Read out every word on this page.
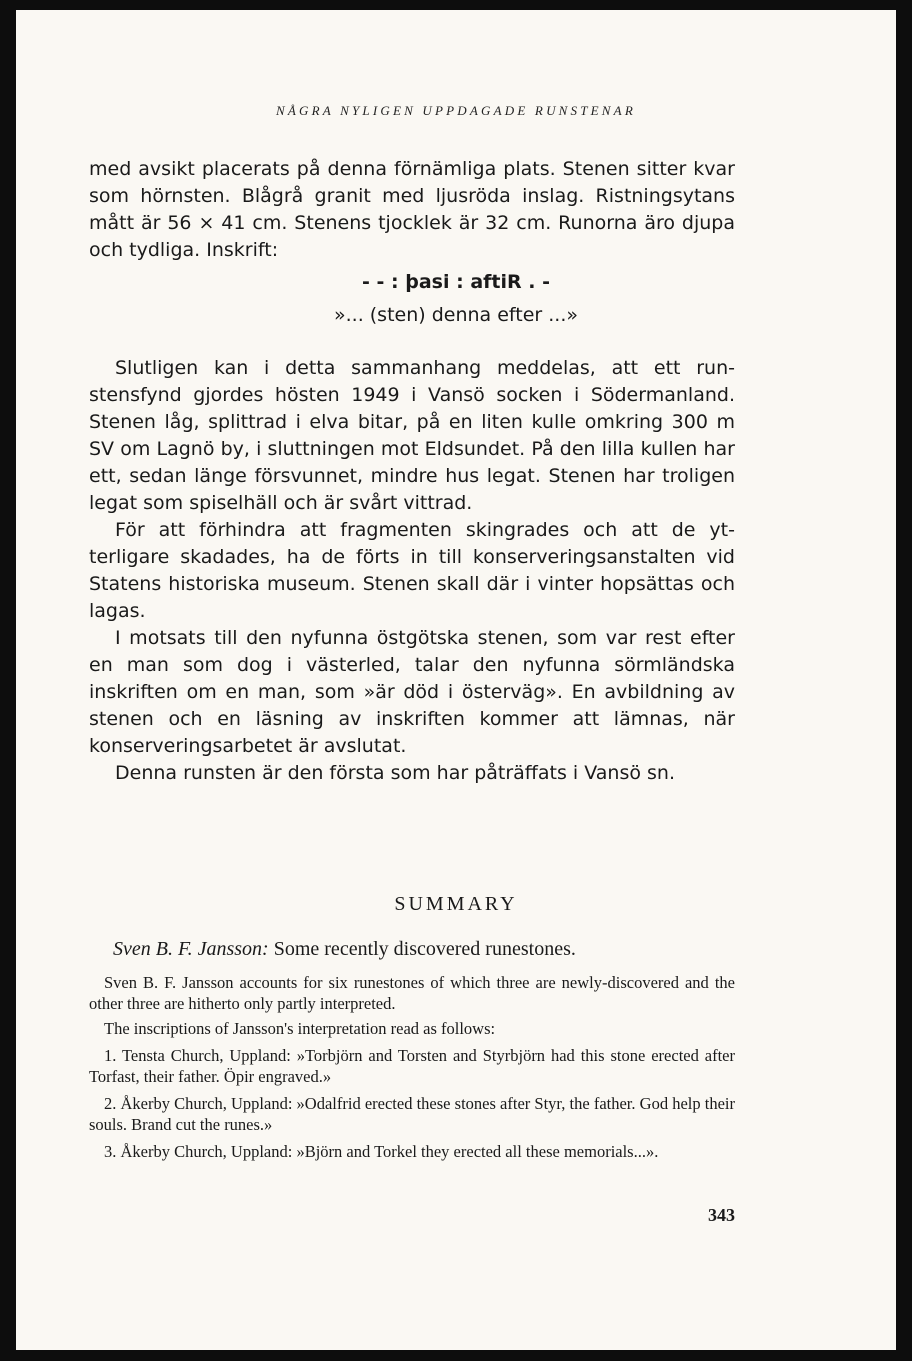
NÅGRA NYLIGEN UPPDAGADE RUNSTENAR

med avsikt placerats på denna förnämliga plats. Stenen sitter kvar som hörnsten. Blågrå granit med ljusröda inslag. Ristningsytans mått är 56 × 41 cm. Stenens tjocklek är 32 cm. Runorna äro djupa och tydliga. Inskrift:

- - : þasi : aftiR . -
»... (sten) denna efter ...»

Slutligen kan i detta sammanhang meddelas, att ett runstensfynd gjordes hösten 1949 i Vansö socken i Södermanland. Stenen låg, splittrad i elva bitar, på en liten kulle omkring 300 m SV om Lagnö by, i sluttningen mot Eldsundet. På den lilla kullen har ett, sedan länge försvunnet, mindre hus legat. Stenen har troligen legat som spiselhäll och är svårt vittrad.

För att förhindra att fragmenten skingrades och att de ytterligare skadades, ha de förts in till konserveringsanstalten vid Statens historiska museum. Stenen skall där i vinter hopsättas och lagas.

I motsats till den nyfunna östgötska stenen, som var rest efter en man som dog i västerled, talar den nyfunna sörmländska inskriften om en man, som »är död i österväg». En avbildning av stenen och en läsning av inskriften kommer att lämnas, när konserveringsarbetet är avslutat.

Denna runsten är den första som har påträffats i Vansö sn.

SUMMARY
Sven B. F. Jansson: Some recently discovered runestones.

Sven B. F. Jansson accounts for six runestones of which three are newly-discovered and the other three are hitherto only partly interpreted.

The inscriptions of Jansson's interpretation read as follows:

1. Tensta Church, Uppland: »Torbjörn and Torsten and Styrbjörn had this stone erected after Torfast, their father. Öpir engraved.»

2. Åkerby Church, Uppland: »Odalfrid erected these stones after Styr, the father. God help their souls. Brand cut the runes.»

3. Åkerby Church, Uppland: »Björn and Torkel they erected all these memorials...».

343
